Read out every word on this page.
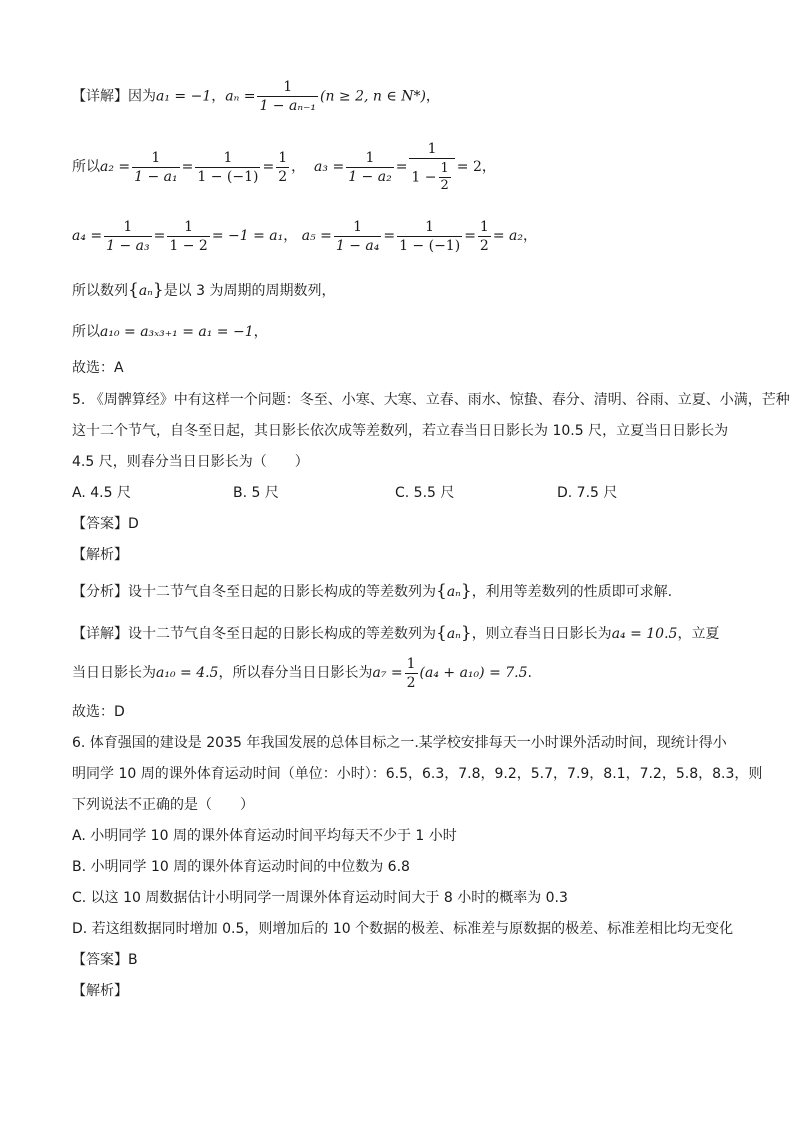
【详解】因为a₁ = −1，$a_n = \frac{1}{\text{1 − aₙ₋₁}} (n \ge 2$, n ∈ N*)，
所以$a_2 = \frac{1}{\text{1 − a₁}} = \frac{1}{1 - (-1)} = \frac{1}{2}$ ，  $a_3 = \frac{1}{\text{1 − a₂}} = \frac{1}{1 - \frac{1}{2}} = 2$，
$a_4 = \frac{1}{\text{1 − a₃}} = \frac{1}{1 - 2} = -1 = a_1$， $a_5 = \frac{1}{\text{1 − a₄}} = \frac{1}{1 - (-1)} = \frac{1}{2} = a_2$，
所以数列{aₙ}是以 3 为周期的周期数列，
所以a₁₀ = a₃ₓ₃₊₁ = a₁ = −1，
故选：A
5. 《周髀算经》中有这样一个问题：冬至、小寒、大寒、立春、雨水、惊蛰、春分、清明、谷雨、立夏、小满，芒种
这十二个节气，自冬至日起，其日影长依次成等差数列，若立春当日日影长为 10.5 尺，立夏当日日影长为
4.5 尺，则春分当日日影长为（　　）
A. 4.5 尺	B. 5 尺	C. 5.5 尺	D. 7.5 尺
【答案】D
【解析】
【分析】设十二节气自冬至日起的日影长构成的等差数列为{aₙ}，利用等差数列的性质即可求解.
【详解】设十二节气自冬至日起的日影长构成的等差数列为{aₙ}，则立春当日日影长为a₄ = 10.5，立夏
当日日影长为a₁₀ = 4.5，所以春分当日日影长为$a_7 = \frac{1}{2} (a_4 + a_{10}) = 7.5$.
故选：D
6. 体育强国的建设是 2035 年我国发展的总体目标之一.某学校安排每天一小时课外活动时间，现统计得小
明同学 10 周的课外体育运动时间（单位：小时）：6.5，6.3，7.8，9.2，5.7，7.9，8.1，7.2，5.8，8.3，则
下列说法不正确的是（　　）
A. 小明同学 10 周的课外体育运动时间平均每天不少于 1 小时
B. 小明同学 10 周的课外体育运动时间的中位数为 6.8
C. 以这 10 周数据估计小明同学一周课外体育运动时间大于 8 小时的概率为 0.3
D. 若这组数据同时增加 0.5，则增加后的 10 个数据的极差、标准差与原数据的极差、标准差相比均无变化
【答案】B
【解析】
